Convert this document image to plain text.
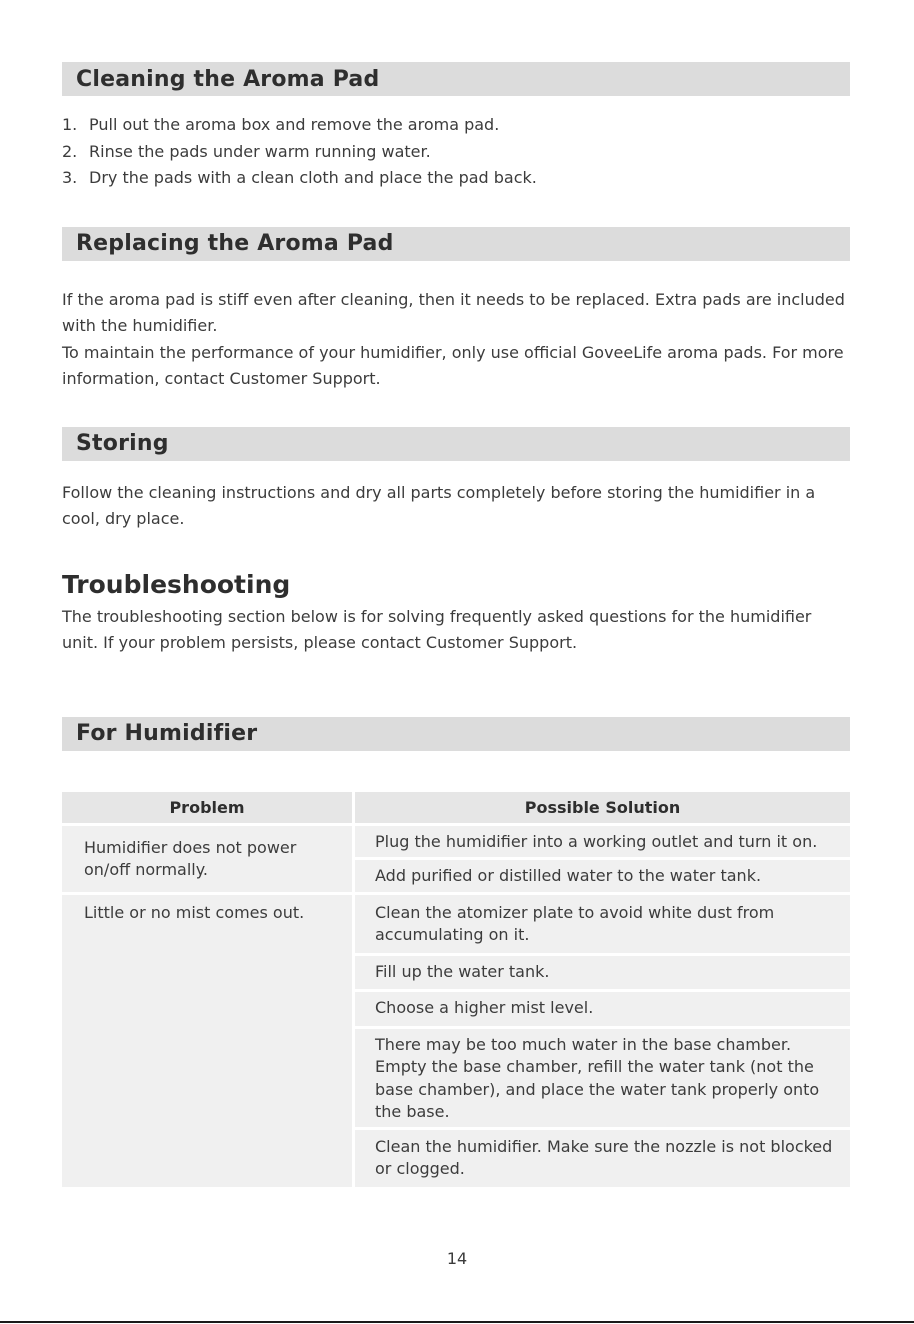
Cleaning the Aroma Pad
1. Pull out the aroma box and remove the aroma pad.
2. Rinse the pads under warm running water.
3. Dry the pads with a clean cloth and place the pad back.
Replacing the Aroma Pad

If the aroma pad is stiff even after cleaning, then it needs to be replaced. Extra pads are included with the humidifier.

To maintain the performance of your humidifier, only use official GoveeLife aroma pads. For more information, contact Customer Support.

Storing

Follow the cleaning instructions and dry all parts completely before storing the humidifier in a cool, dry place.

Troubleshooting

The troubleshooting section below is for solving frequently asked questions for the humidifier unit. If your problem persists, please contact Customer Support.

For Humidifier
Problem	Possible Solution
Humidifier does not power on/off normally.	Plug the humidifier into a working outlet and turn it on.
	Add purified or distilled water to the water tank.
Little or no mist comes out.	Clean the atomizer plate to avoid white dust from accumulating on it.
	Fill up the water tank.
	Choose a higher mist level.
	There may be too much water in the base chamber. Empty the base chamber, refill the water tank (not the base chamber), and place the water tank properly onto the base.
	Clean the humidifier. Make sure the nozzle is not blocked or clogged.
14
